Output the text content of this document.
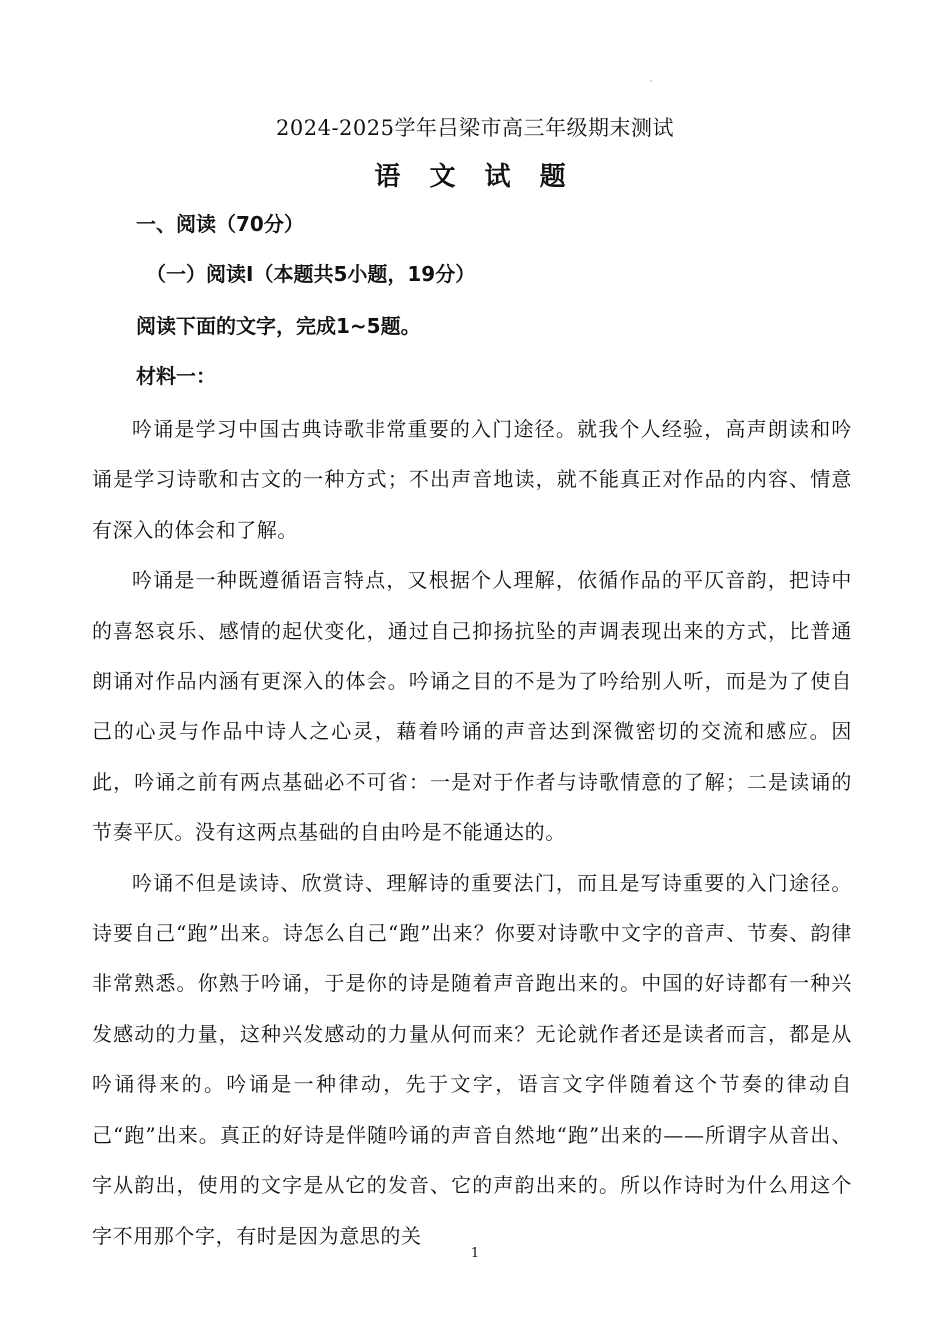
2024-2025学年吕梁市高三年级期末测试
语 文 试 题
一、阅读（70分）
（一）阅读Ⅰ（本题共5小题，19分）
阅读下面的文字，完成1~5题。
材料一：

吟诵是学习中国古典诗歌非常重要的入门途径。就我个人经验，高声朗读和吟诵是学习诗歌和古文的一种方式；不出声音地读，就不能真正对作品的内容、情意有深入的体会和了解。

吟诵是一种既遵循语言特点，又根据个人理解，依循作品的平仄音韵，把诗中的喜怒哀乐、感情的起伏变化，通过自己抑扬抗坠的声调表现出来的方式，比普通朗诵对作品内涵有更深入的体会。吟诵之目的不是为了吟给别人听，而是为了使自己的心灵与作品中诗人之心灵，藉着吟诵的声音达到深微密切的交流和感应。因此，吟诵之前有两点基础必不可省：一是对于作者与诗歌情意的了解；二是读诵的节奏平仄。没有这两点基础的自由吟是不能通达的。

吟诵不但是读诗、欣赏诗、理解诗的重要法门，而且是写诗重要的入门途径。诗要自己“跑”出来。诗怎么自己“跑”出来？你要对诗歌中文字的音声、节奏、韵律非常熟悉。你熟于吟诵，于是你的诗是随着声音跑出来的。中国的好诗都有一种兴发感动的力量，这种兴发感动的力量从何而来？无论就作者还是读者而言，都是从吟诵得来的。吟诵是一种律动，先于文字，语言文字伴随着这个节奏的律动自己“跑”出来。真正的好诗是伴随吟诵的声音自然地“跑”出来的——所谓字从音出、字从韵出，使用的文字是从它的发音、它的声韵出来的。所以作诗时为什么用这个字不用那个字，有时是因为意思的关

1
